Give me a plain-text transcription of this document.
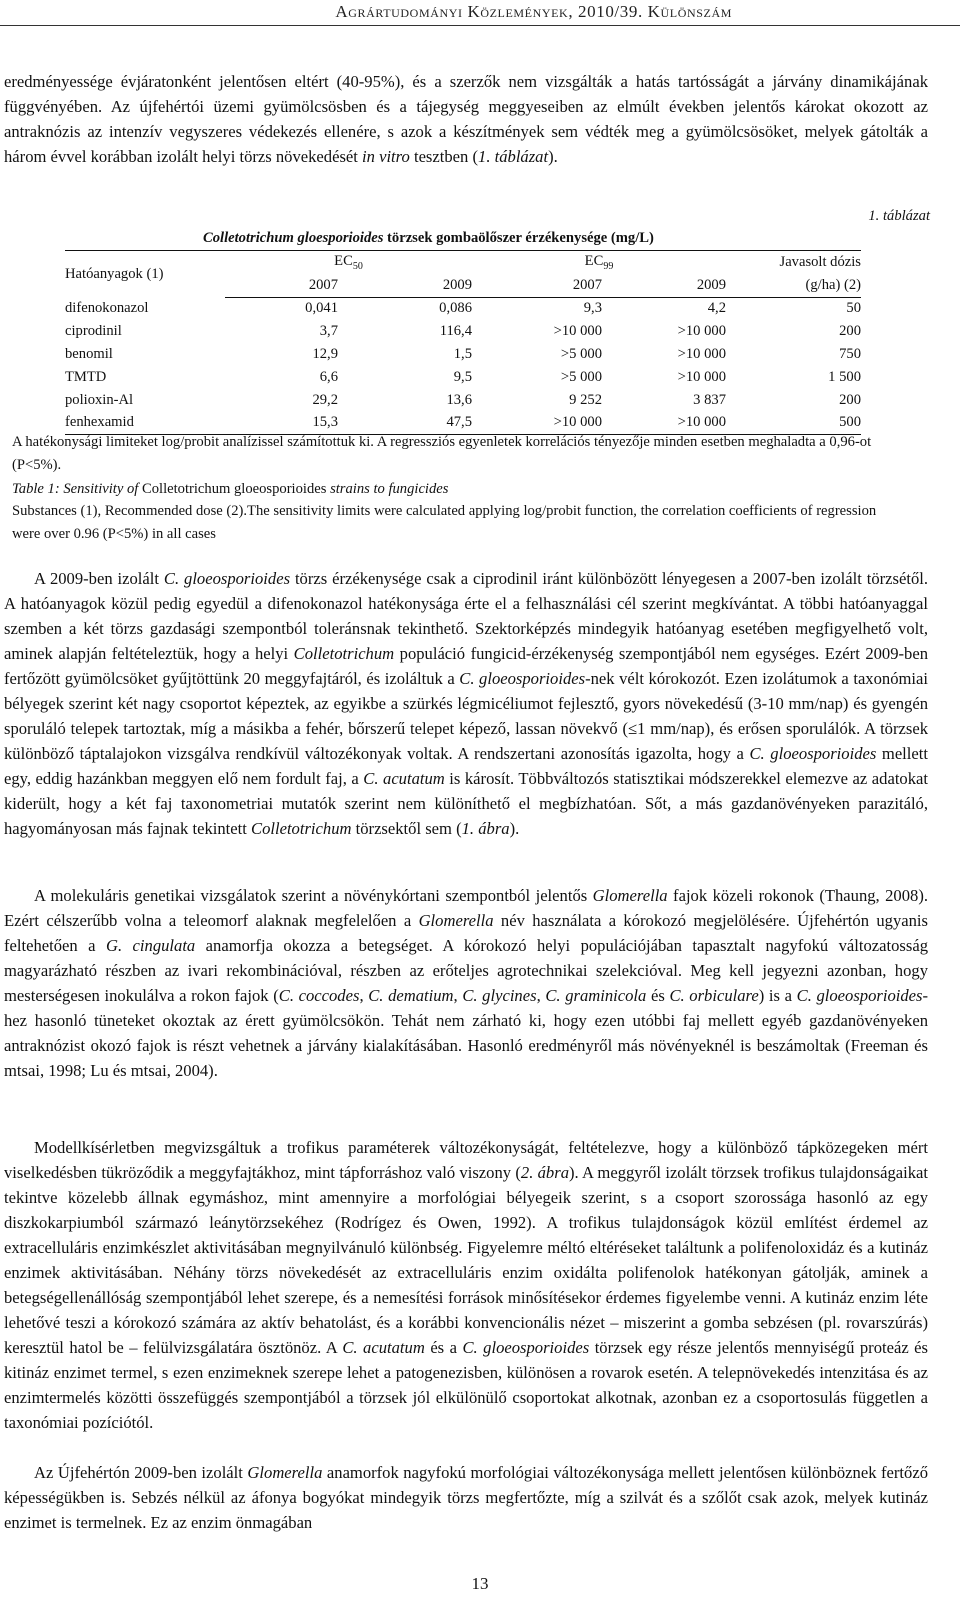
Agrártudományi Közlemények, 2010/39. Különszám

eredményessége évjáratonként jelentősen eltért (40-95%), és a szerzők nem vizsgálták a hatás tartósságát a járvány dinamikájának függvényében. Az újfehértói üzemi gyümölcsösben és a tájegység meggyeseiben az elmúlt években jelentős károkat okozott az antraknózis az intenzív vegyszeres védekezés ellenére, s azok a készítmények sem védték meg a gyümölcsösöket, melyek gátolták a három évvel korábban izolált helyi törzs növekedését in vitro tesztben (1. táblázat).

1. táblázat
Colletotrichum gloesporioides törzsek gombaölőszer érzékenysége (mg/L)
Hatóanyagok (1)	$EC_{50}$		$EC_{99}$		Javasolt dózis
	2007	2009	2007	2009	(g/ha) (2)
difenokonazol	0,041	0,086	9,3	4,2	50
ciprodinil	3,7	116,4	>10 000	>10 000	200
benomil	12,9	1,5	>5 000	>10 000	750
TMTD	6,6	9,5	>5 000	>10 000	1 500
polioxin-Al	29,2	13,6	9 252	3 837	200
fenhexamid	15,3	47,5	>10 000	>10 000	500

A hatékonysági limiteket log/probit analízissel számítottuk ki. A regressziós egyenletek korrelációs tényezője minden esetben meghaladta a 0,96-ot (P<5%).

Table 1: Sensitivity of Colletotrichum gloeosporioides strains to fungicides

Substances (1), Recommended dose (2).The sensitivity limits were calculated applying log/probit function, the correlation coefficients of regression were over 0.96 (P<5%) in all cases

A 2009-ben izolált C. gloeosporioides törzs érzékenysége csak a ciprodinil iránt különbözött lényegesen a 2007-ben izolált törzsétől. A hatóanyagok közül pedig egyedül a difenokonazol hatékonysága érte el a felhasználási cél szerint megkívántat. A többi hatóanyaggal szemben a két törzs gazdasági szempontból toleránsnak tekinthető. Szektorképzés mindegyik hatóanyag esetében megfigyelhető volt, aminek alapján feltételeztük, hogy a helyi Colletotrichum populáció fungicid-érzékenység szempontjából nem egységes. Ezért 2009-ben fertőzött gyümölcsöket gyűjtöttünk 20 meggyfajtáról, és izoláltuk a C. gloeosporioides-nek vélt kórokozót. Ezen izolátumok a taxonómiai bélyegek szerint két nagy csoportot képeztek, az egyikbe a szürkés légmicéliumot fejlesztő, gyors növekedésű (3-10 mm/nap) és gyengén sporuláló telepek tartoztak, míg a másikba a fehér, bőrszerű telepet képező, lassan növekvő (≤1 mm/nap), és erősen sporulálók. A törzsek különböző táptalajokon vizsgálva rendkívül változékonyak voltak. A rendszertani azonosítás igazolta, hogy a C. gloeosporioides mellett egy, eddig hazánkban meggyen elő nem fordult faj, a C. acutatum is károsít. Többváltozós statisztikai módszerekkel elemezve az adatokat kiderült, hogy a két faj taxonometriai mutatók szerint nem különíthető el megbízhatóan. Sőt, a más gazdanövényeken parazitáló, hagyományosan más fajnak tekintett Colletotrichum törzsektől sem (1. ábra).

A molekuláris genetikai vizsgálatok szerint a növénykórtani szempontból jelentős Glomerella fajok közeli rokonok (Thaung, 2008). Ezért célszerűbb volna a teleomorf alaknak megfelelően a Glomerella név használata a kórokozó megjelölésére. Újfehértón ugyanis feltehetően a G. cingulata anamorfja okozza a betegséget. A kórokozó helyi populációjában tapasztalt nagyfokú változatosság magyarázható részben az ivari rekombinációval, részben az erőteljes agrotechnikai szelekcióval. Meg kell jegyezni azonban, hogy mesterségesen inokulálva a rokon fajok (C. coccodes, C. dematium, C. glycines, C. graminicola és C. orbiculare) is a C. gloeosporioides-hez hasonló tüneteket okoztak az érett gyümölcsökön. Tehát nem zárható ki, hogy ezen utóbbi faj mellett egyéb gazdanövényeken antraknózist okozó fajok is részt vehetnek a járvány kialakításában. Hasonló eredményről más növényeknél is beszámoltak (Freeman és mtsai, 1998; Lu és mtsai, 2004).

Modellkísérletben megvizsgáltuk a trofikus paraméterek változékonyságát, feltételezve, hogy a különböző tápközegeken mért viselkedésben tükröződik a meggyfajtákhoz, mint tápforráshoz való viszony (2. ábra). A meggyről izolált törzsek trofikus tulajdonságaikat tekintve közelebb állnak egymáshoz, mint amennyire a morfológiai bélyegeik szerint, s a csoport szorossága hasonló az egy diszkokarpiumból származó leánytörzsekéhez (Rodrígez és Owen, 1992). A trofikus tulajdonságok közül említést érdemel az extracelluláris enzimkészlet aktivitásában megnyilvánuló különbség. Figyelemre méltó eltéréseket találtunk a polifenoloxidáz és a kutináz enzimek aktivitásában. Néhány törzs növekedését az extracelluláris enzim oxidálta polifenolok hatékonyan gátolják, aminek a betegségellenállóság szempontjából lehet szerepe, és a nemesítési források minősítésekor érdemes figyelembe venni. A kutináz enzim léte lehetővé teszi a kórokozó számára az aktív behatolást, és a korábbi konvencionális nézet – miszerint a gomba sebzésen (pl. rovarszúrás) keresztül hatol be – felülvizsgálatára ösztönöz. A C. acutatum és a C. gloeosporioides törzsek egy része jelentős mennyiségű proteáz és kitináz enzimet termel, s ezen enzimeknek szerepe lehet a patogenezisben, különösen a rovarok esetén. A telepnövekedés intenzitása és az enzimtermelés közötti összefüggés szempontjából a törzsek jól elkülönülő csoportokat alkotnak, azonban ez a csoportosulás független a taxonómiai pozíciótól.

Az Újfehértón 2009-ben izolált Glomerella anamorfok nagyfokú morfológiai változékonysága mellett jelentősen különböznek fertőző képességükben is. Sebzés nélkül az áfonya bogyókat mindegyik törzs megfertőzte, míg a szilvát és a szőlőt csak azok, melyek kutináz enzimet is termelnek. Ez az enzim önmagában

13
